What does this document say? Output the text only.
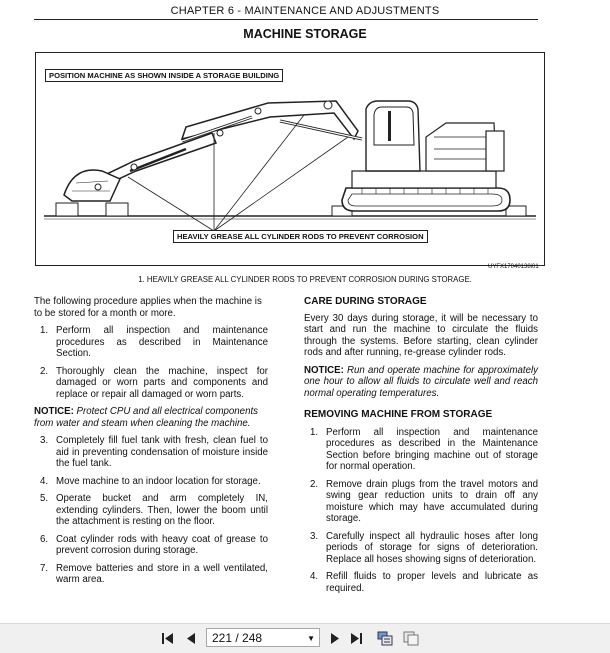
CHAPTER 6 - MAINTENANCE AND ADJUSTMENTS
MACHINE STORAGE
POSITION MACHINE AS SHOWN INSIDE A STORAGE BUILDING
HEAVILY GREASE ALL CYLINDER RODS TO PREVENT CORROSION
UYFX17040138i01
1. HEAVILY GREASE ALL CYLINDER RODS TO PREVENT CORROSION DURING STORAGE.

The following procedure applies when the machine is to be stored for a month or more.

1. Perform all inspection and maintenance procedures as described in Maintenance Section.
2. Thoroughly clean the machine, inspect for damaged or worn parts and components and replace or repair all damaged or worn parts.

NOTICE: Protect CPU and all electrical components from water and steam when cleaning the machine.

3. Completely fill fuel tank with fresh, clean fuel to aid in preventing condensation of moisture inside the fuel tank.
4. Move machine to an indoor location for storage.
5. Operate bucket and arm completely IN, extending cylinders. Then, lower the boom until the attachment is resting on the floor.
6. Coat cylinder rods with heavy coat of grease to prevent corrosion during storage.
7. Remove batteries and store in a well ventilated, warm area.
CARE DURING STORAGE

Every 30 days during storage, it will be necessary to start and run the machine to circulate the fluids through the systems. Before starting, clean cylinder rods and after running, re-grease cylinder rods.

NOTICE: Run and operate machine for approximately one hour to allow all fluids to circulate well and reach normal operating temperatures.

REMOVING MACHINE FROM STORAGE
1. Perform all inspection and maintenance procedures as described in the Maintenance Section before bringing machine out of storage for normal operation.
2. Remove drain plugs from the travel motors and swing gear reduction units to drain off any moisture which may have accumulated during storage.
3. Carefully inspect all hydraulic hoses after long periods of storage for signs of deterioration. Replace all hoses showing signs of deterioration.
4. Refill fluids to proper levels and lubricate as required.
221 / 248	▼
